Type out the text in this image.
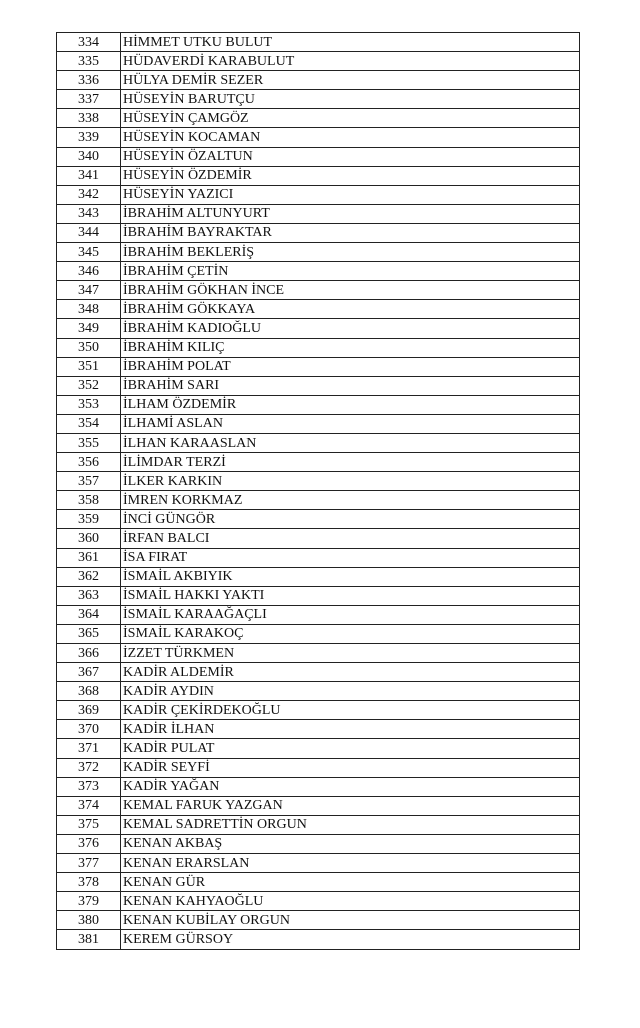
334	HİMMET UTKU BULUT
335	HÜDAVERDİ KARABULUT
336	HÜLYA DEMİR SEZER
337	HÜSEYİN BARUTÇU
338	HÜSEYİN ÇAMGÖZ
339	HÜSEYİN KOCAMAN
340	HÜSEYİN ÖZALTUN
341	HÜSEYİN ÖZDEMİR
342	HÜSEYİN YAZICI
343	İBRAHİM ALTUNYURT
344	İBRAHİM BAYRAKTAR
345	İBRAHİM BEKLERİŞ
346	İBRAHİM ÇETİN
347	İBRAHİM GÖKHAN İNCE
348	İBRAHİM GÖKKAYA
349	İBRAHİM KADIOĞLU
350	İBRAHİM KILIÇ
351	İBRAHİM POLAT
352	İBRAHİM SARI
353	İLHAM ÖZDEMİR
354	İLHAMİ ASLAN
355	İLHAN KARAASLAN
356	İLİMDAR TERZİ
357	İLKER KARKIN
358	İMREN KORKMAZ
359	İNCİ GÜNGÖR
360	İRFAN BALCI
361	İSA FIRAT
362	İSMAİL AKBIYIK
363	İSMAİL HAKKI YAKTI
364	İSMAİL KARAAĞAÇLI
365	İSMAİL KARAKOÇ
366	İZZET TÜRKMEN
367	KADİR ALDEMİR
368	KADİR AYDIN
369	KADİR ÇEKİRDEKOĞLU
370	KADİR İLHAN
371	KADİR PULAT
372	KADİR SEYFİ
373	KADİR YAĞAN
374	KEMAL FARUK YAZGAN
375	KEMAL SADRETTİN ORGUN
376	KENAN AKBAŞ
377	KENAN ERARSLAN
378	KENAN GÜR
379	KENAN KAHYAOĞLU
380	KENAN KUBİLAY ORGUN
381	KEREM GÜRSOY
